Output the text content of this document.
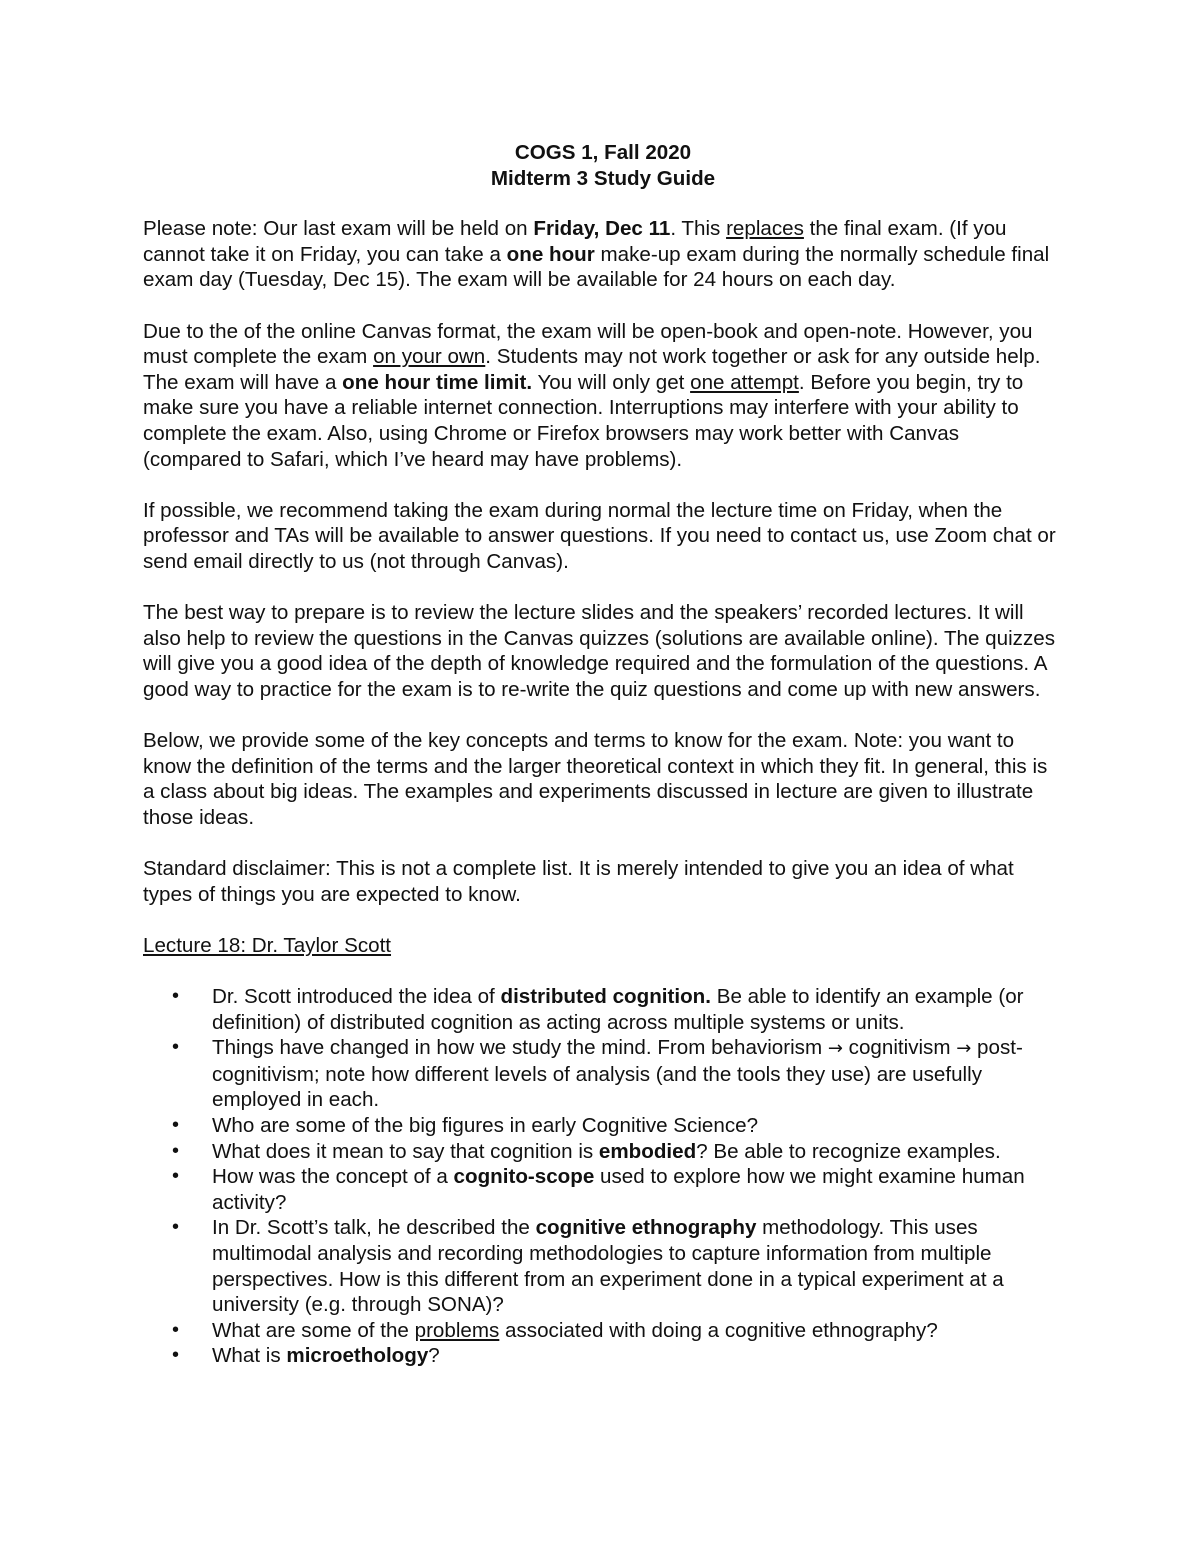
COGS 1, Fall 2020

Midterm 3 Study Guide

Please note: Our last exam will be held on Friday, Dec 11. This replaces the final exam. (If you cannot take it on Friday, you can take a one hour make-up exam during the normally schedule final exam day (Tuesday, Dec 15). The exam will be available for 24 hours on each day.

Due to the of the online Canvas format, the exam will be open-book and open-note. However, you must complete the exam on your own. Students may not work together or ask for any outside help. The exam will have a one hour time limit. You will only get one attempt. Before you begin, try to make sure you have a reliable internet connection. Interruptions may interfere with your ability to complete the exam. Also, using Chrome or Firefox browsers may work better with Canvas (compared to Safari, which I’ve heard may have problems).

If possible, we recommend taking the exam during normal the lecture time on Friday, when the professor and TAs will be available to answer questions. If you need to contact us, use Zoom chat or send email directly to us (not through Canvas).

The best way to prepare is to review the lecture slides and the speakers’ recorded lectures. It will also help to review the questions in the Canvas quizzes (solutions are available online). The quizzes will give you a good idea of the depth of knowledge required and the formulation of the questions. A good way to practice for the exam is to re-write the quiz questions and come up with new answers.

Below, we provide some of the key concepts and terms to know for the exam. Note: you want to know the definition of the terms and the larger theoretical context in which they fit. In general, this is a class about big ideas. The examples and experiments discussed in lecture are given to illustrate those ideas.

Standard disclaimer: This is not a complete list. It is merely intended to give you an idea of what types of things you are expected to know.

Lecture 18: Dr. Taylor Scott

• Dr. Scott introduced the idea of distributed cognition. Be able to identify an example (or definition) of distributed cognition as acting across multiple systems or units.
• Things have changed in how we study the mind. From behaviorism → cognitivism → post-cognitivism; note how different levels of analysis (and the tools they use) are usefully employed in each.
• Who are some of the big figures in early Cognitive Science?
• What does it mean to say that cognition is embodied? Be able to recognize examples.
• How was the concept of a cognito-scope used to explore how we might examine human activity?
• In Dr. Scott’s talk, he described the cognitive ethnography methodology. This uses multimodal analysis and recording methodologies to capture information from multiple perspectives. How is this different from an experiment done in a typical experiment at a university (e.g. through SONA)?
• What are some of the problems associated with doing a cognitive ethnography?
• What is microethology?
